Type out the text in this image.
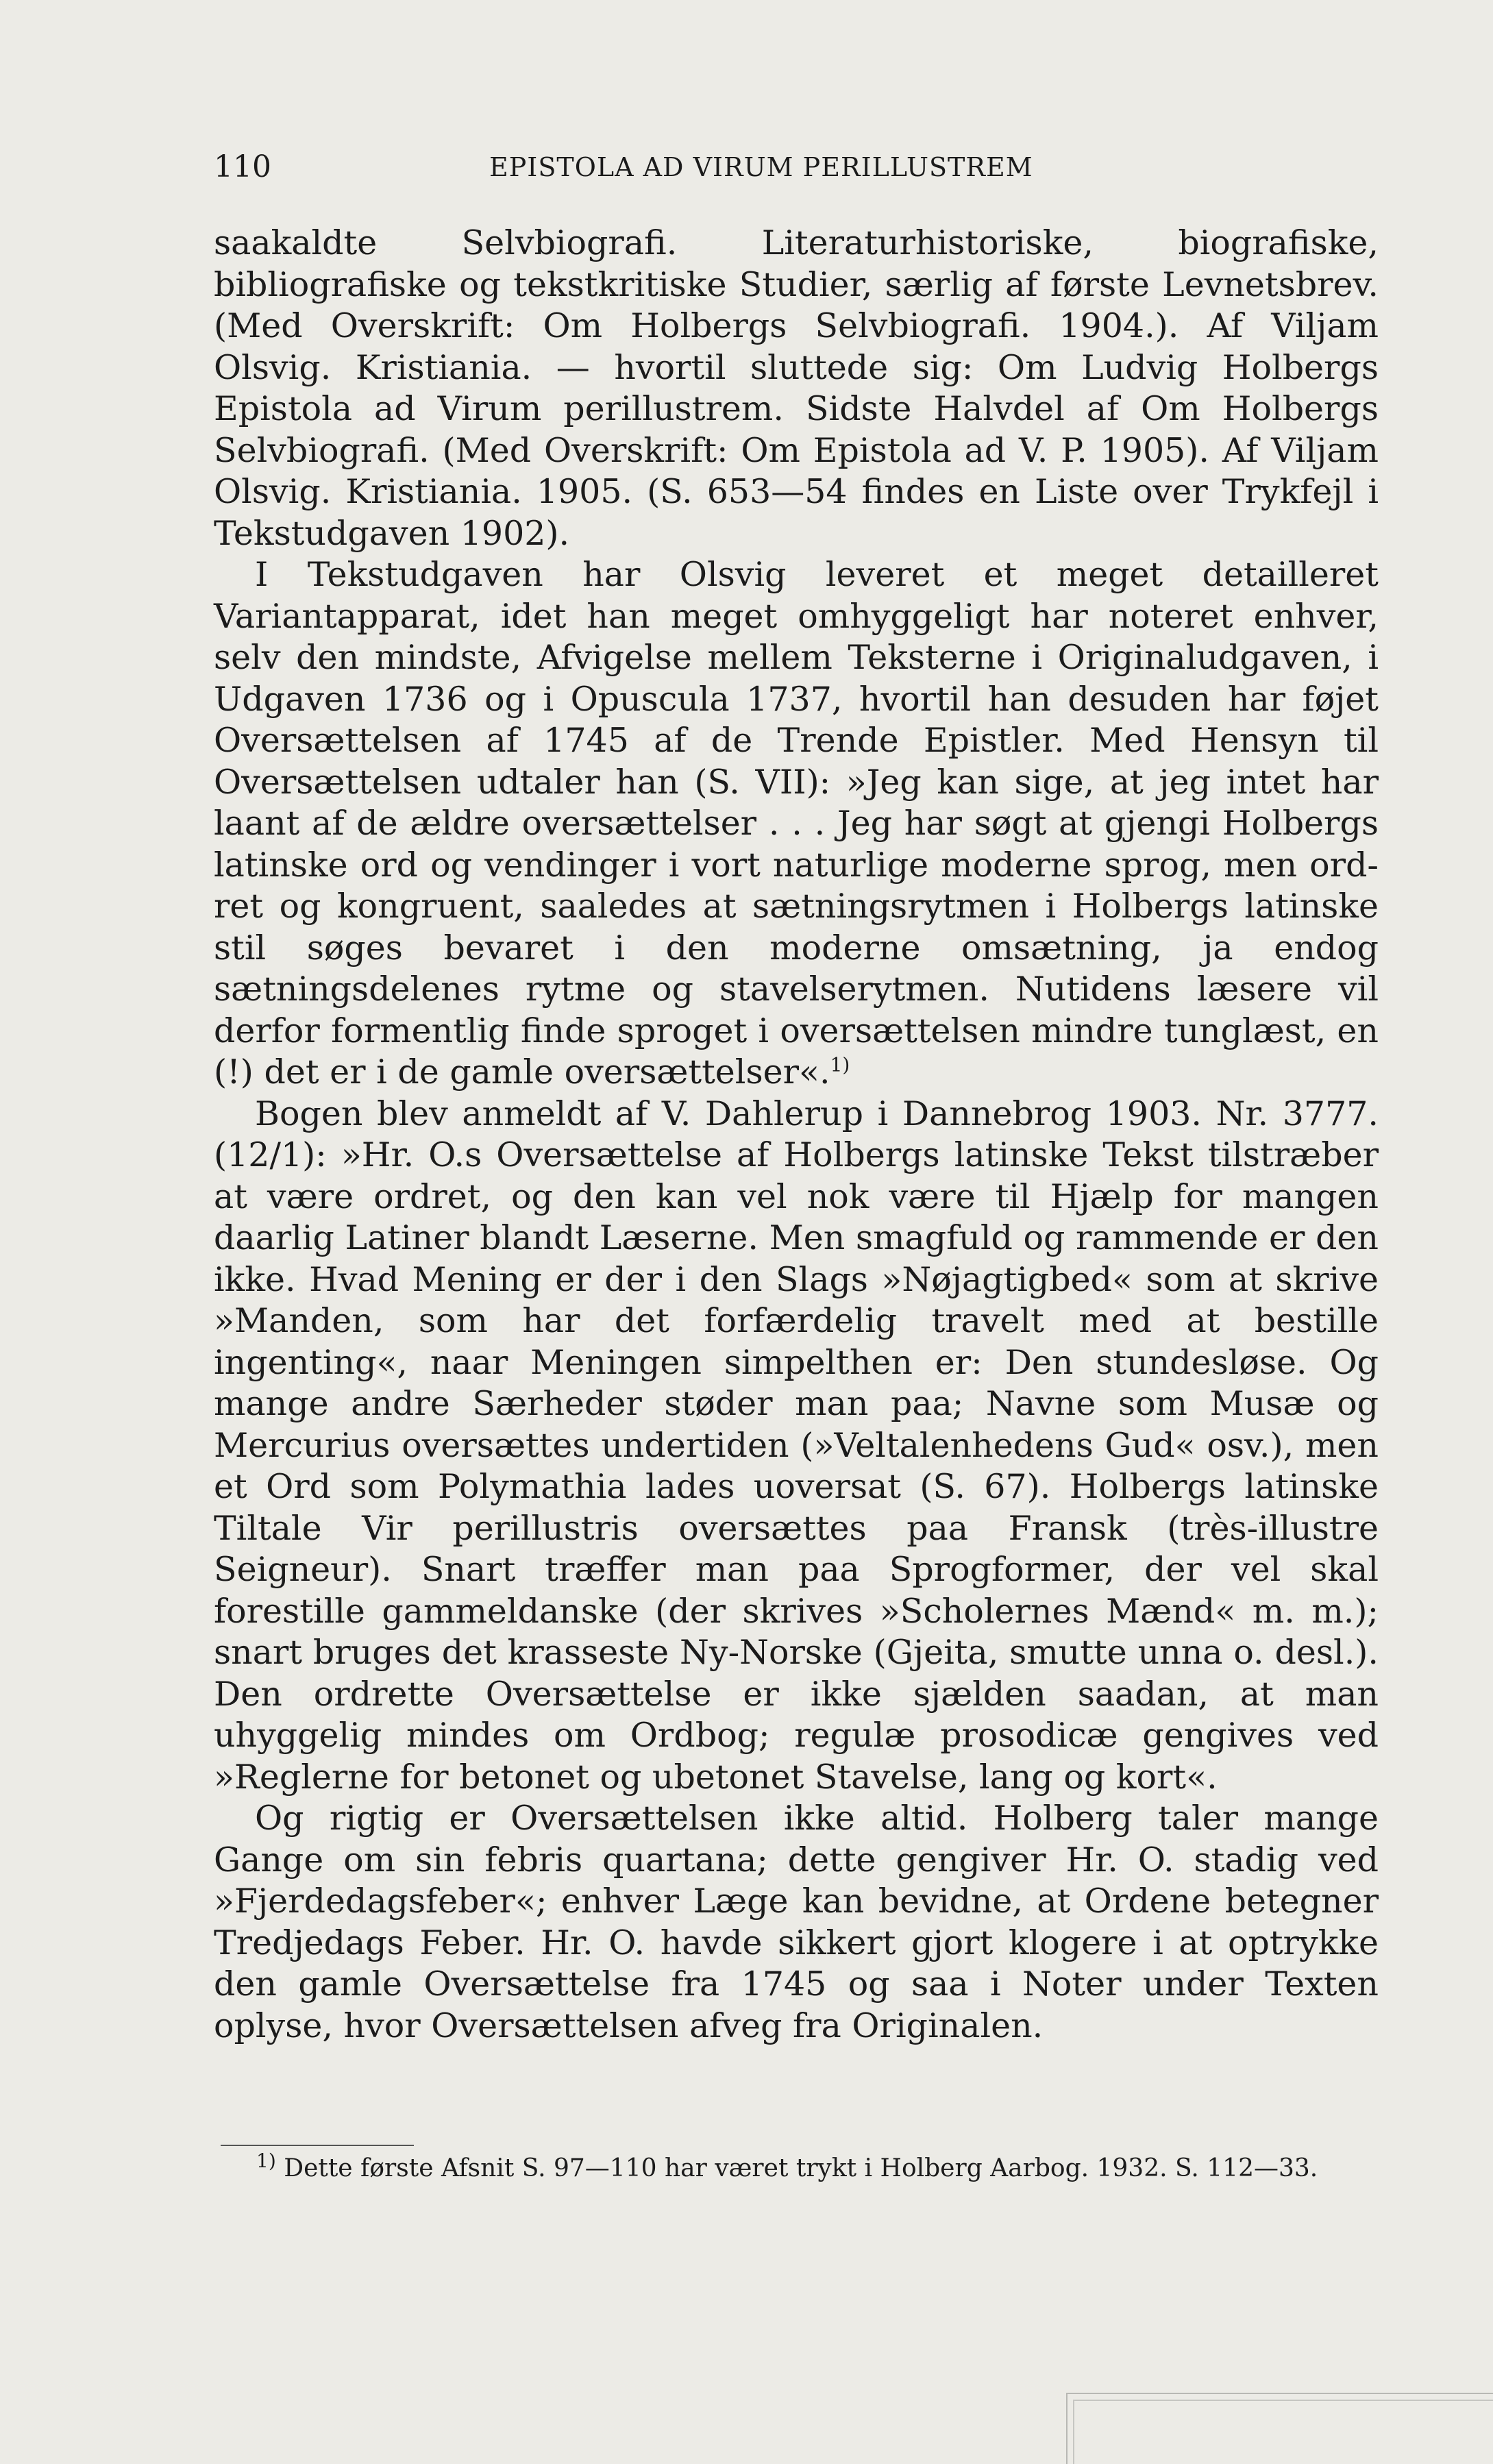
110	EPISTOLA AD VIRUM PERILLUSTREM

saakaldte Selvbiografi. Literaturhistoriske, biografiske, bibliografiske og tekstkritiske Studier, særlig af første Levnetsbrev. (Med Overskrift: Om Holbergs Selvbiografi. 1904.). Af Viljam Olsvig. Kristiania. — hvortil sluttede sig: Om Ludvig Holbergs Epistola ad Virum perillustrem. Sidste Halvdel af Om Holbergs Selvbiografi. (Med Overskrift: Om Epistola ad V. P. 1905). Af Viljam Olsvig. Kristiania. 1905. (S. 653—54 findes en Liste over Trykfejl i Tekstudgaven 1902).

I Tekstudgaven har Olsvig leveret et meget detailleret Variantapparat, idet han meget omhyggeligt har noteret enhver, selv den mindste, Afvigelse mellem Teksterne i Originaludgaven, i Udgaven 1736 og i Opuscula 1737, hvortil han desuden har føjet Oversættelsen af 1745 af de Trende Epistler. Med Hensyn til Oversættelsen udtaler han (S. VII): »Jeg kan sige, at jeg intet har laant af de ældre oversættelser . . . Jeg har søgt at gjengi Holbergs latinske ord og vendinger i vort naturlige moderne sprog, men ord-ret og kongruent, saaledes at sætningsrytmen i Holbergs latinske stil søges bevaret i den moderne omsætning, ja endog sætningsdelenes rytme og stavelserytmen. Nutidens læsere vil derfor formentlig finde sproget i oversættelsen mindre tunglæst, en (!) det er i de gamle oversættelser«.$^{1)}$

Bogen blev anmeldt af V. Dahlerup i Dannebrog 1903. Nr. 3777. (12/1): »Hr. O.s Oversættelse af Holbergs latinske Tekst tilstræber at være ordret, og den kan vel nok være til Hjælp for mangen daarlig Latiner blandt Læserne. Men smagfuld og rammende er den ikke. Hvad Mening er der i den Slags »Nøjagtigbed« som at skrive »Manden, som har det forfærdelig travelt med at bestille ingenting«, naar Meningen simpelthen er: Den stundesløse. Og mange andre Særheder støder man paa; Navne som Musæ og Mercurius oversættes undertiden (»Veltalenhedens Gud« osv.), men et Ord som Polymathia lades uoversat (S. 67). Holbergs latinske Tiltale Vir perillustris oversættes paa Fransk (très-illustre Seigneur). Snart træffer man paa Sprogformer, der vel skal forestille gammeldanske (der skrives »Scholernes Mænd« m. m.); snart bruges det krasseste Ny-Norske (Gjeita, smutte unna o. desl.). Den ordrette Oversættelse er ikke sjælden saadan, at man uhyggelig mindes om Ordbog; regulæ prosodicæ gengives ved »Reglerne for betonet og ubetonet Stavelse, lang og kort«.

Og rigtig er Oversættelsen ikke altid. Holberg taler mange Gange om sin febris quartana; dette gengiver Hr. O. stadig ved »Fjerdedagsfeber«; enhver Læge kan bevidne, at Ordene betegner Tredjedags Feber. Hr. O. havde sikkert gjort klogere i at optrykke den gamle Oversættelse fra 1745 og saa i Noter under Texten oplyse, hvor Oversættelsen afveg fra Originalen.

$^{1)}$ Dette første Afsnit S. 97—110 har været trykt i Holberg Aarbog. 1932. S. 112—33.
